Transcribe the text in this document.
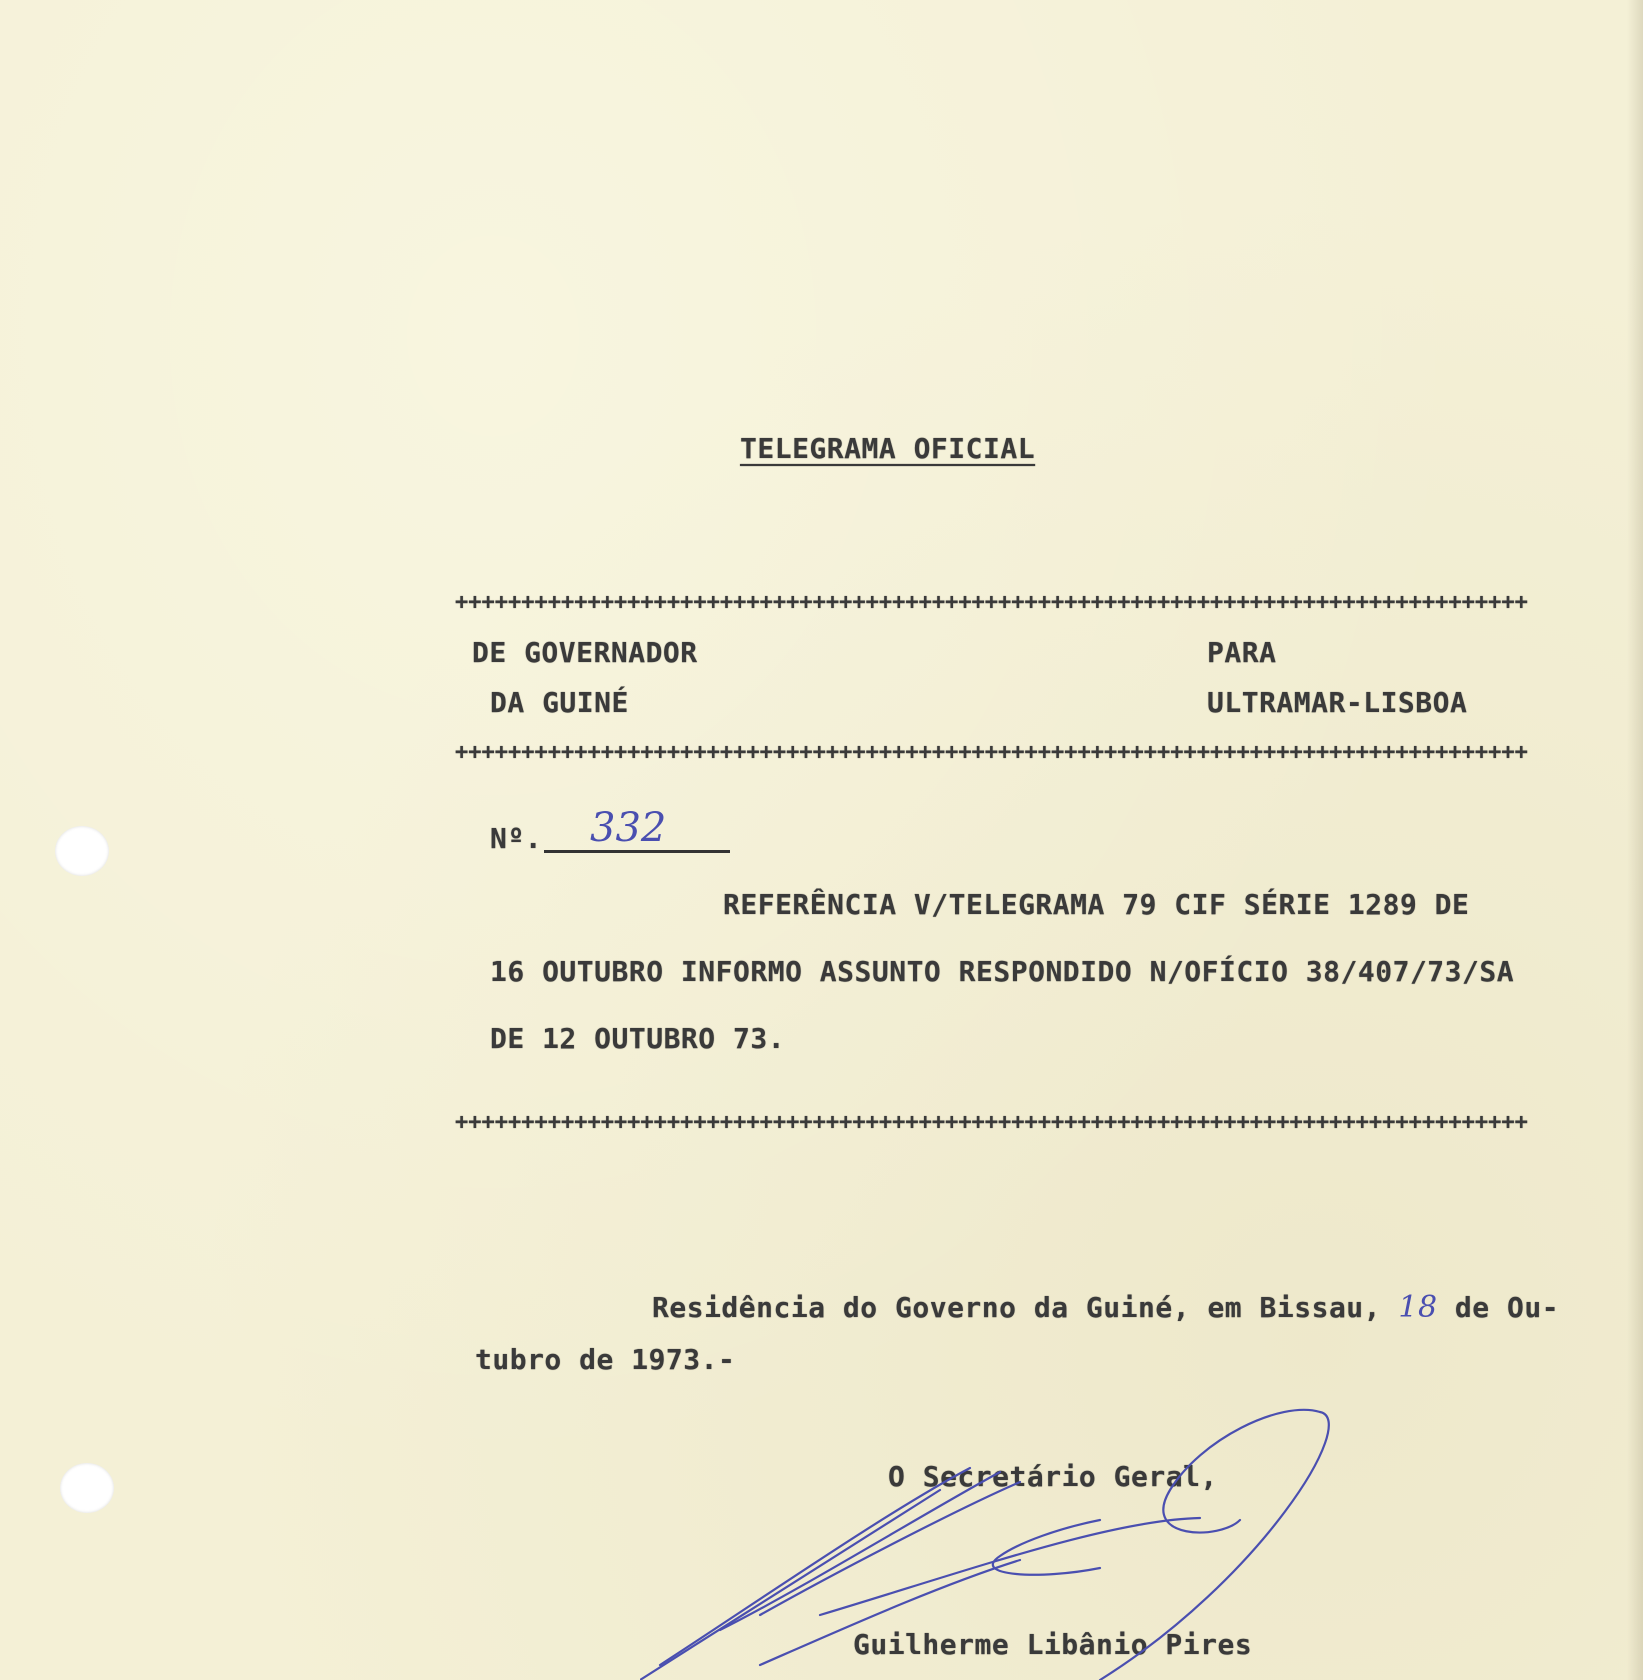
TELEGRAMA OFICIAL
+++++++++++++++++++++++++++++++++++++++++++++++++++++++++++++++++++++++++++++++++
DE GOVERNADOR
DA GUINÉ
PARA
ULTRAMAR-LISBOA
+++++++++++++++++++++++++++++++++++++++++++++++++++++++++++++++++++++++++++++++++
Nº. 332
REFERÊNCIA V/TELEGRAMA 79 CIF SÉRIE 1289 DE
16 OUTUBRO INFORMO ASSUNTO RESPONDIDO N/OFÍCIO 38/407/73/SA
DE 12 OUTUBRO 73.
+++++++++++++++++++++++++++++++++++++++++++++++++++++++++++++++++++++++++++++++++
Residência do Governo da Guiné, em Bissau, 18 de Ou-
tubro de 1973.-
O Secretário Geral,
Guilherme Libânio Pires
